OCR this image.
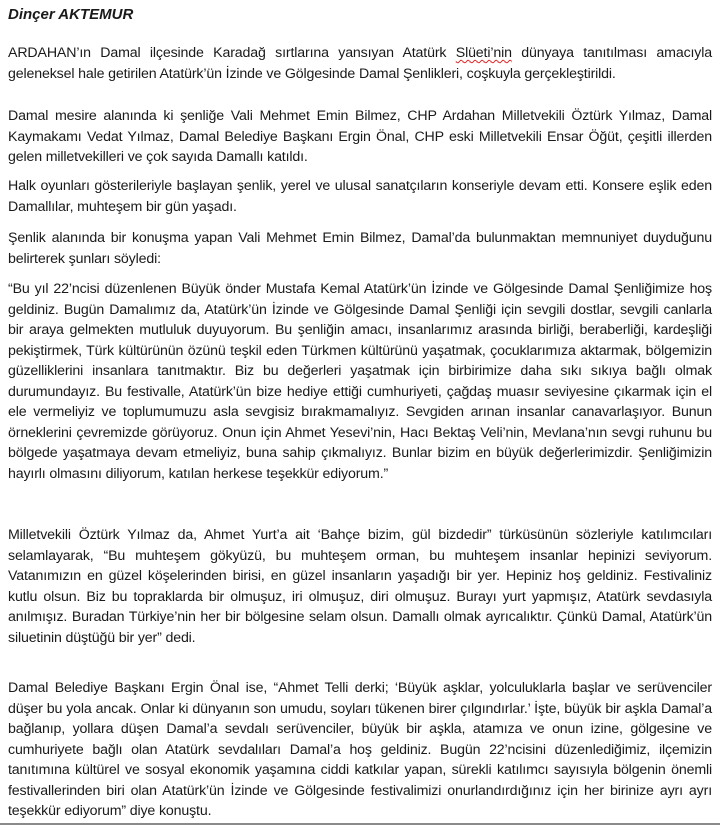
Dinçer AKTEMUR

ARDAHAN’ın Damal ilçesinde Karadağ sırtlarına yansıyan Atatürk Slüeti’nin dünyaya tanıtılması amacıyla geleneksel hale getirilen Atatürk’ün İzinde ve Gölgesinde Damal Şenlikleri, coşkuyla gerçekleştirildi.

Damal mesire alanında ki şenliğe Vali Mehmet Emin Bilmez, CHP Ardahan Milletvekili Öztürk Yılmaz, Damal Kaymakamı Vedat Yılmaz, Damal Belediye Başkanı Ergin Önal, CHP eski Milletvekili Ensar Öğüt, çeşitli illerden gelen milletvekilleri ve çok sayıda Damallı katıldı.

Halk oyunları gösterileriyle başlayan şenlik, yerel ve ulusal sanatçıların konseriyle devam etti. Konsere eşlik eden Damallılar, muhteşem bir gün yaşadı.

Şenlik alanında bir konuşma yapan Vali Mehmet Emin Bilmez, Damal’da bulunmaktan memnuniyet duyduğunu belirterek şunları söyledi:

“Bu yıl 22’ncisi düzenlenen Büyük önder Mustafa Kemal Atatürk’ün İzinde ve Gölgesinde Damal Şenliğimize hoş geldiniz. Bugün Damalımız da, Atatürk’ün İzinde ve Gölgesinde Damal Şenliği için sevgili dostlar, sevgili canlarla bir araya gelmekten mutluluk duyuyorum. Bu şenliğin amacı, insanlarımız arasında birliği, beraberliği, kardeşliği pekiştirmek, Türk kültürünün özünü teşkil eden Türkmen kültürünü yaşatmak, çocuklarımıza aktarmak, bölgemizin güzelliklerini insanlara tanıtmaktır. Biz bu değerleri yaşatmak için birbirimize daha sıkı sıkıya bağlı olmak durumundayız. Bu festivalle, Atatürk’ün bize hediye ettiği cumhuriyeti, çağdaş muasır seviyesine çıkarmak için el ele vermeliyiz ve toplumumuzu asla sevgisiz bırakmamalıyız. Sevgiden arınan insanlar canavarlaşıyor. Bunun örneklerini çevremizde görüyoruz. Onun için Ahmet Yesevi’nin, Hacı Bektaş Veli’nin, Mevlana’nın sevgi ruhunu bu bölgede yaşatmaya devam etmeliyiz, buna sahip çıkmalıyız. Bunlar bizim en büyük değerlerimizdir. Şenliğimizin hayırlı olmasını diliyorum, katılan herkese teşekkür ediyorum.”

Milletvekili Öztürk Yılmaz da, Ahmet Yurt’a ait ‘Bahçe bizim, gül bizdedir” türküsünün sözleriyle katılımcıları selamlayarak, “Bu muhteşem gökyüzü, bu muhteşem orman, bu muhteşem insanlar hepinizi seviyorum. Vatanımızın en güzel köşelerinden birisi, en güzel insanların yaşadığı bir yer. Hepiniz hoş geldiniz. Festivaliniz kutlu olsun. Biz bu topraklarda bir olmuşuz, iri olmuşuz, diri olmuşuz. Burayı yurt yapmışız, Atatürk sevdasıyla anılmışız. Buradan Türkiye’nin her bir bölgesine selam olsun. Damallı olmak ayrıcalıktır. Çünkü Damal, Atatürk’ün siluetinin düştüğü bir yer” dedi.

Damal Belediye Başkanı Ergin Önal ise, “Ahmet Telli derki; ‘Büyük aşklar, yolculuklarla başlar ve serüvenciler düşer bu yola ancak. Onlar ki dünyanın son umudu, soyları tükenen birer çılgındırlar.’ İşte, büyük bir aşkla Damal’a bağlanıp, yollara düşen Damal’a sevdalı serüvenciler, büyük bir aşkla, atamıza ve onun izine, gölgesine ve cumhuriyete bağlı olan Atatürk sevdalıları Damal’a hoş geldiniz. Bugün 22’ncisini düzenlediğimiz, ilçemizin tanıtımına kültürel ve sosyal ekonomik yaşamına ciddi katkılar yapan, sürekli katılımcı sayısıyla bölgenin önemli festivallerinden biri olan Atatürk’ün İzinde ve Gölgesinde festivalimizi onurlandırdığınız için her birinize ayrı ayrı teşekkür ediyorum” diye konuştu.
